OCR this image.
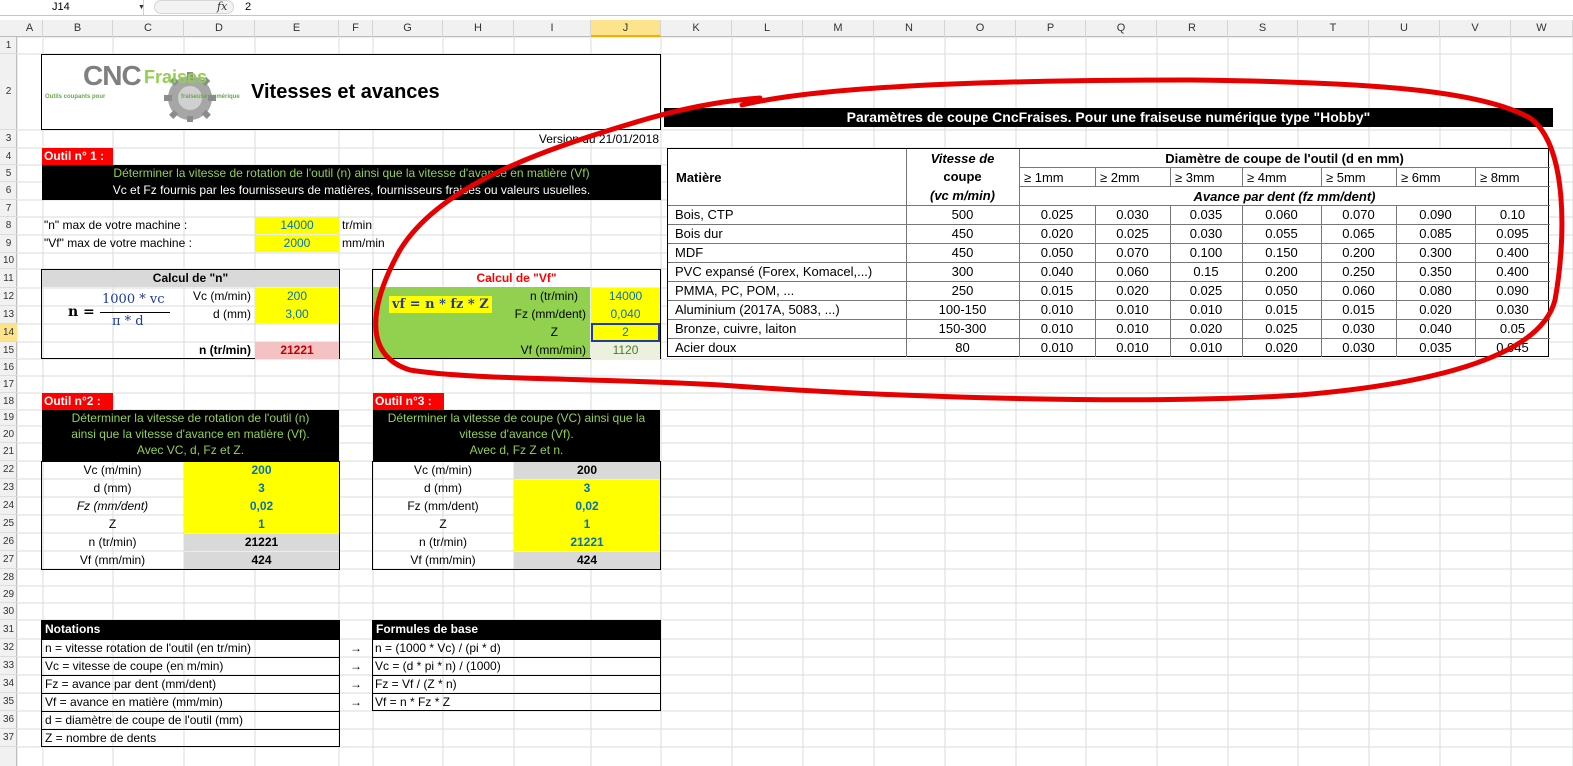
J14	▼	fx 2
A	B	C	D	E	F	G	H	I	J	K	L	M	N	O	P	Q	R	S	T	U	V	W
1
2
3
4
5
6
7
8
9
10
11
12
13
14
15
16
17
18
19
20
21
22
23
24
25
26
27
28
29
30
31
32
33
34
35
36
37
CNC Fraises
Outils coupants pour	fraiseuse numérique Vitesses et avances
Version du 21/01/2018
Outil n° 1 :
Déterminer la vitesse de rotation de l'outil (n) ainsi que la vitesse d'avance en matière (Vf)
Vc et Fz fournis par les fournisseurs de matières, fournisseurs fraises ou valeurs usuelles.
"n" max de votre machine :	14000	tr/min
"Vf" max de votre machine :	2000	mm/min
Calcul de "n"
n =
1000 * vc
π * d
Vc (m/min)	200
d (mm)	3,00
n (tr/min)	21221
Calcul de "Vf"
vf = n * fz * Z
n (tr/min)	14000
Fz (mm/dent)	0,040
Z	2
Vf (mm/min)	1120
Outil n°2 :
Déterminer la vitesse de rotation de l'outil (n)
ainsi que la vitesse d'avance en matière (Vf).
Avec VC, d, Fz et Z.
Vc (m/min)	200
d (mm)	3
Fz (mm/dent)	0,02
Z	1
n (tr/min)	21221
Vf (mm/min)	424
Outil n°3 :
Déterminer la vitesse de coupe (VC) ainsi que la
vitesse d'avance (Vf).
Avec d, Fz Z et n.
Vc (m/min)	200
d (mm)	3
Fz (mm/dent)	0,02
Z	1
n (tr/min)	21221
Vf (mm/min)	424
Notations
n = vitesse rotation de l'outil (en tr/min)
Vc = vitesse de coupe (en m/min)
Fz = avance par dent (mm/dent)
Vf = avance en matière (mm/min)
d = diamètre de coupe de l'outil (mm)
Z = nombre de dents
Formules de base
n = (1000 * Vc) / (pi * d)
Vc = (d * pi * n) / (1000)
Fz = Vf / (Z * n)
Vf = n * Fz * Z
→
→
→
→
Paramètres de coupe CncFraises. Pour une fraiseuse numérique type "Hobby"
Matière
Vitesse de
coupe
(vc m/min)
Diamètre de coupe de l'outil (d en mm)
≥ 1mm	≥ 2mm	≥ 3mm	≥ 4mm	≥ 5mm	≥ 6mm	≥ 8mm
Avance par dent (fz mm/dent)
Bois, CTP	500	0.025	0.030	0.035	0.060	0.070	0.090	0.10
Bois dur	450	0.020	0.025	0.030	0.055	0.065	0.085	0.095
MDF	450	0.050	0.070	0.100	0.150	0.200	0.300	0.400
PVC expansé (Forex, Komacel,...)	300	0.040	0.060	0.15	0.200	0.250	0.350	0.400
PMMA, PC, POM, ...	250	0.015	0.020	0.025	0.050	0.060	0.080	0.090
Aluminium (2017A, 5083, ...)	100-150	0.010	0.010	0.010	0.015	0.015	0.020	0.030
Bronze, cuivre, laiton	150-300	0.010	0.010	0.020	0.025	0.030	0.040	0.05
Acier doux	80	0.010	0.010	0.010	0.020	0.030	0.035	0.045
